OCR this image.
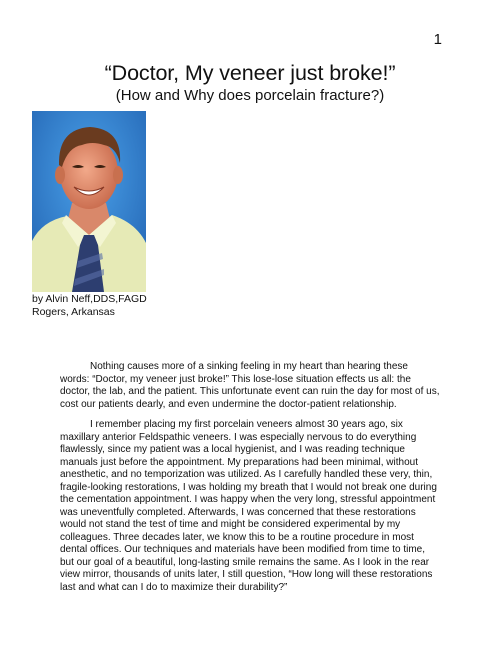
1
“Doctor, My veneer just broke!”
(How and Why does porcelain fracture?)
by Alvin Neff,DDS,FAGD
Rogers, Arkansas

Nothing causes more of a sinking feeling in my heart than hearing these words: “Doctor, my veneer just broke!” This lose-lose situation effects us all: the doctor, the lab, and the patient. This unfortunate event can ruin the day for most of us, cost our patients dearly, and even undermine the doctor-patient relationship.

I remember placing my first porcelain veneers almost 30 years ago, six maxillary anterior Feldspathic veneers. I was especially nervous to do everything flawlessly, since my patient was a local hygienist, and I was reading technique manuals just before the appointment. My preparations had been minimal, without anesthetic, and no temporization was utilized. As I carefully handled these very, thin, fragile-looking restorations, I was holding my breath that I would not break one during the cementation appointment. I was happy when the very long, stressful appointment was uneventfully completed. Afterwards, I was concerned that these restorations would not stand the test of time and might be considered experimental by my colleagues. Three decades later, we know this to be a routine procedure in most dental offices. Our techniques and materials have been modified from time to time, but our goal of a beautiful, long-lasting smile remains the same. As I look in the rear view mirror, thousands of units later, I still question, “How long will these restorations last and what can I do to maximize their durability?”
